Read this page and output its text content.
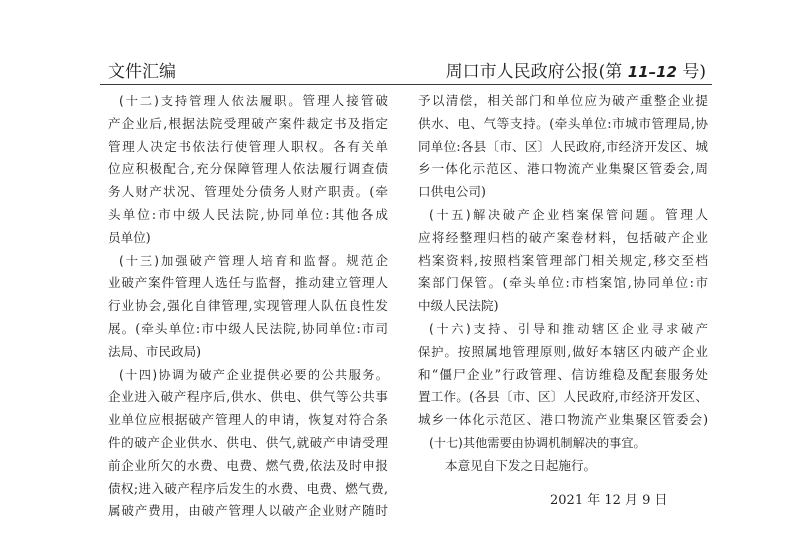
文件汇编	周口市人民政府公报(第 11–12 号)
(十二)支持管理人依法履职。管理人接管破
产企业后,根据法院受理破产案件裁定书及指定
管理人决定书依法行使管理人职权。各有关单
位应积极配合,充分保障管理人依法履行调查债
务人财产状况、管理处分债务人财产职责。(牵
头单位:市中级人民法院,协同单位:其他各成
员单位)
(十三)加强破产管理人培育和监督。规范企
业破产案件管理人选任与监督，推动建立管理人
行业协会,强化自律管理,实现管理人队伍良性发
展。(牵头单位:市中级人民法院,协同单位:市司
法局、市民政局)
(十四)协调为破产企业提供必要的公共服务。
企业进入破产程序后,供水、供电、供气等公共事
业单位应根据破产管理人的申请，恢复对符合条
件的破产企业供水、供电、供气,就破产申请受理
前企业所欠的水费、电费、燃气费,依法及时申报
债权;进入破产程序后发生的水费、电费、燃气费,
属破产费用，由破产管理人以破产企业财产随时
予以清偿，相关部门和单位应为破产重整企业提
供水、电、气等支持。(牵头单位:市城市管理局,协
同单位:各县〔市、区〕人民政府,市经济开发区、城
乡一体化示范区、港口物流产业集聚区管委会,周
口供电公司)
(十五)解决破产企业档案保管问题。管理人
应将经整理归档的破产案卷材料，包括破产企业
档案资料,按照档案管理部门相关规定,移交至档
案部门保管。(牵头单位:市档案馆,协同单位:市
中级人民法院)
(十六)支持、引导和推动辖区企业寻求破产
保护。按照属地管理原则,做好本辖区内破产企业
和“僵尸企业”行政管理、信访维稳及配套服务处
置工作。(各县〔市、区〕人民政府,市经济开发区、
城乡一体化示范区、港口物流产业集聚区管委会)
(十七)其他需要由协调机制解决的事宜。
本意见自下发之日起施行。
2021 年 12 月 9 日
